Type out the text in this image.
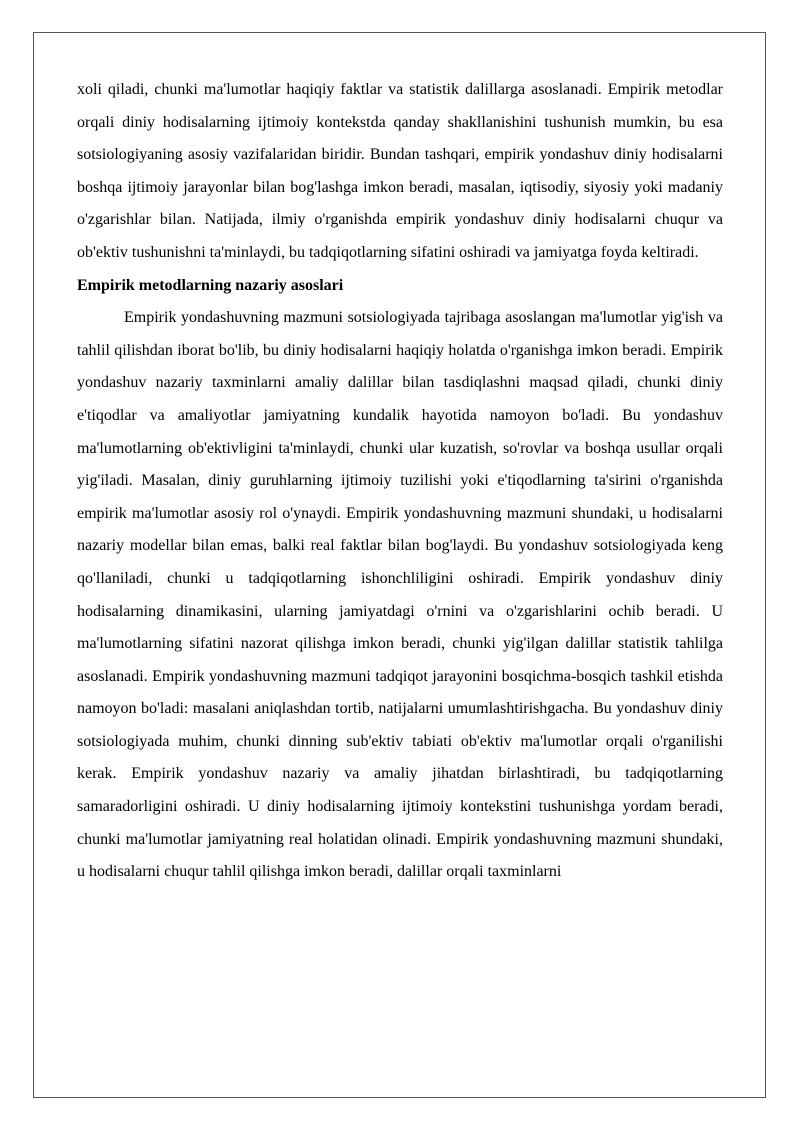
xoli qiladi, chunki ma'lumotlar haqiqiy faktlar va statistik dalillarga asoslanadi. Empirik metodlar orqali diniy hodisalarning ijtimoiy kontekstda qanday shakllanishini tushunish mumkin, bu esa sotsiologiyaning asosiy vazifalaridan biridir. Bundan tashqari, empirik yondashuv diniy hodisalarni boshqa ijtimoiy jarayonlar bilan bog'lashga imkon beradi, masalan, iqtisodiy, siyosiy yoki madaniy o'zgarishlar bilan. Natijada, ilmiy o'rganishda empirik yondashuv diniy hodisalarni chuqur va ob'ektiv tushunishni ta'minlaydi, bu tadqiqotlarning sifatini oshiradi va jamiyatga foyda keltiradi.

Empirik metodlarning nazariy asoslari

Empirik yondashuvning mazmuni sotsiologiyada tajribaga asoslangan ma'lumotlar yig'ish va tahlil qilishdan iborat bo'lib, bu diniy hodisalarni haqiqiy holatda o'rganishga imkon beradi. Empirik yondashuv nazariy taxminlarni amaliy dalillar bilan tasdiqlashni maqsad qiladi, chunki diniy e'tiqodlar va amaliyotlar jamiyatning kundalik hayotida namoyon bo'ladi. Bu yondashuv ma'lumotlarning ob'ektivligini ta'minlaydi, chunki ular kuzatish, so'rovlar va boshqa usullar orqali yig'iladi. Masalan, diniy guruhlarning ijtimoiy tuzilishi yoki e'tiqodlarning ta'sirini o'rganishda empirik ma'lumotlar asosiy rol o'ynaydi. Empirik yondashuvning mazmuni shundaki, u hodisalarni nazariy modellar bilan emas, balki real faktlar bilan bog'laydi. Bu yondashuv sotsiologiyada keng qo'llaniladi, chunki u tadqiqotlarning ishonchliligini oshiradi. Empirik yondashuv diniy hodisalarning dinamikasini, ularning jamiyatdagi o'rnini va o'zgarishlarini ochib beradi. U ma'lumotlarning sifatini nazorat qilishga imkon beradi, chunki yig'ilgan dalillar statistik tahlilga asoslanadi. Empirik yondashuvning mazmuni tadqiqot jarayonini bosqichma-bosqich tashkil etishda namoyon bo'ladi: masalani aniqlashdan tortib, natijalarni umumlashtirishgacha. Bu yondashuv diniy sotsiologiyada muhim, chunki dinning sub'ektiv tabiati ob'ektiv ma'lumotlar orqali o'rganilishi kerak. Empirik yondashuv nazariy va amaliy jihatdan birlashtiradi, bu tadqiqotlarning samaradorligini oshiradi. U diniy hodisalarning ijtimoiy kontekstini tushunishga yordam beradi, chunki ma'lumotlar jamiyatning real holatidan olinadi. Empirik yondashuvning mazmuni shundaki, u hodisalarni chuqur tahlil qilishga imkon beradi, dalillar orqali taxminlarni
